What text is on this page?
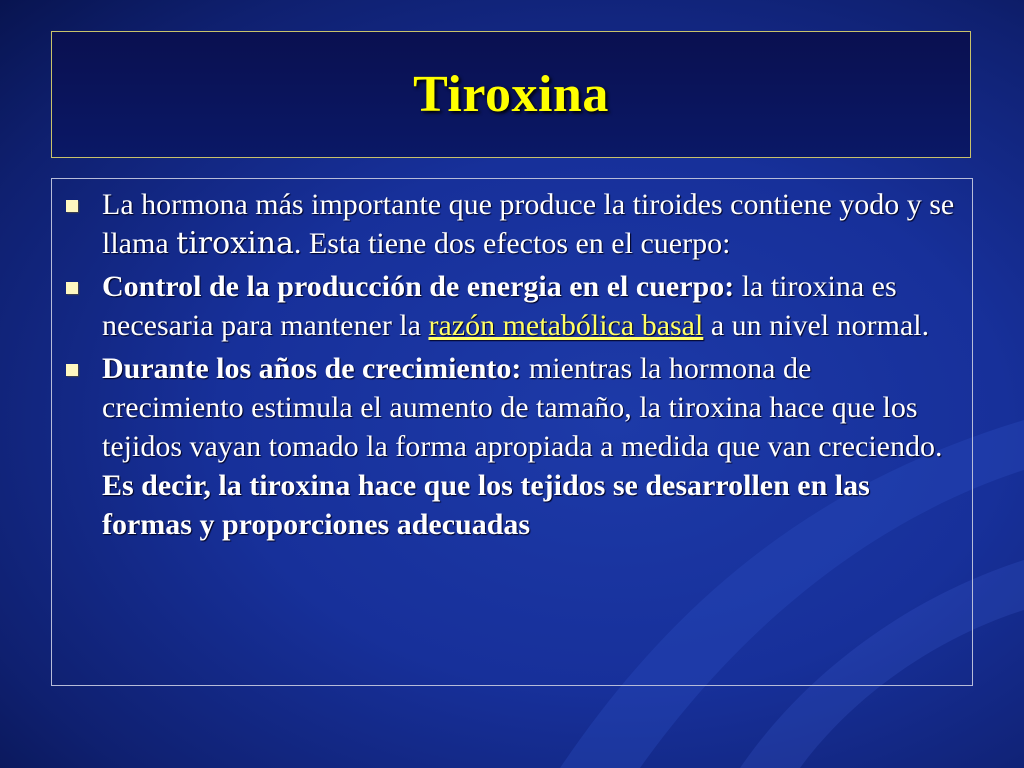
Tiroxina
La hormona más importante que produce la tiroides contiene yodo y se llama tiroxina. Esta tiene dos efectos en el cuerpo:
Control de la producción de energia en el cuerpo: la tiroxina es necesaria para mantener la razón metabólica basal a un nivel normal.
Durante los años de crecimiento: mientras la hormona de crecimiento estimula el aumento de tamaño, la tiroxina hace que los tejidos vayan tomado la forma apropiada a medida que van creciendo. Es decir, la tiroxina hace que los tejidos se desarrollen en las formas y proporciones adecuadas
